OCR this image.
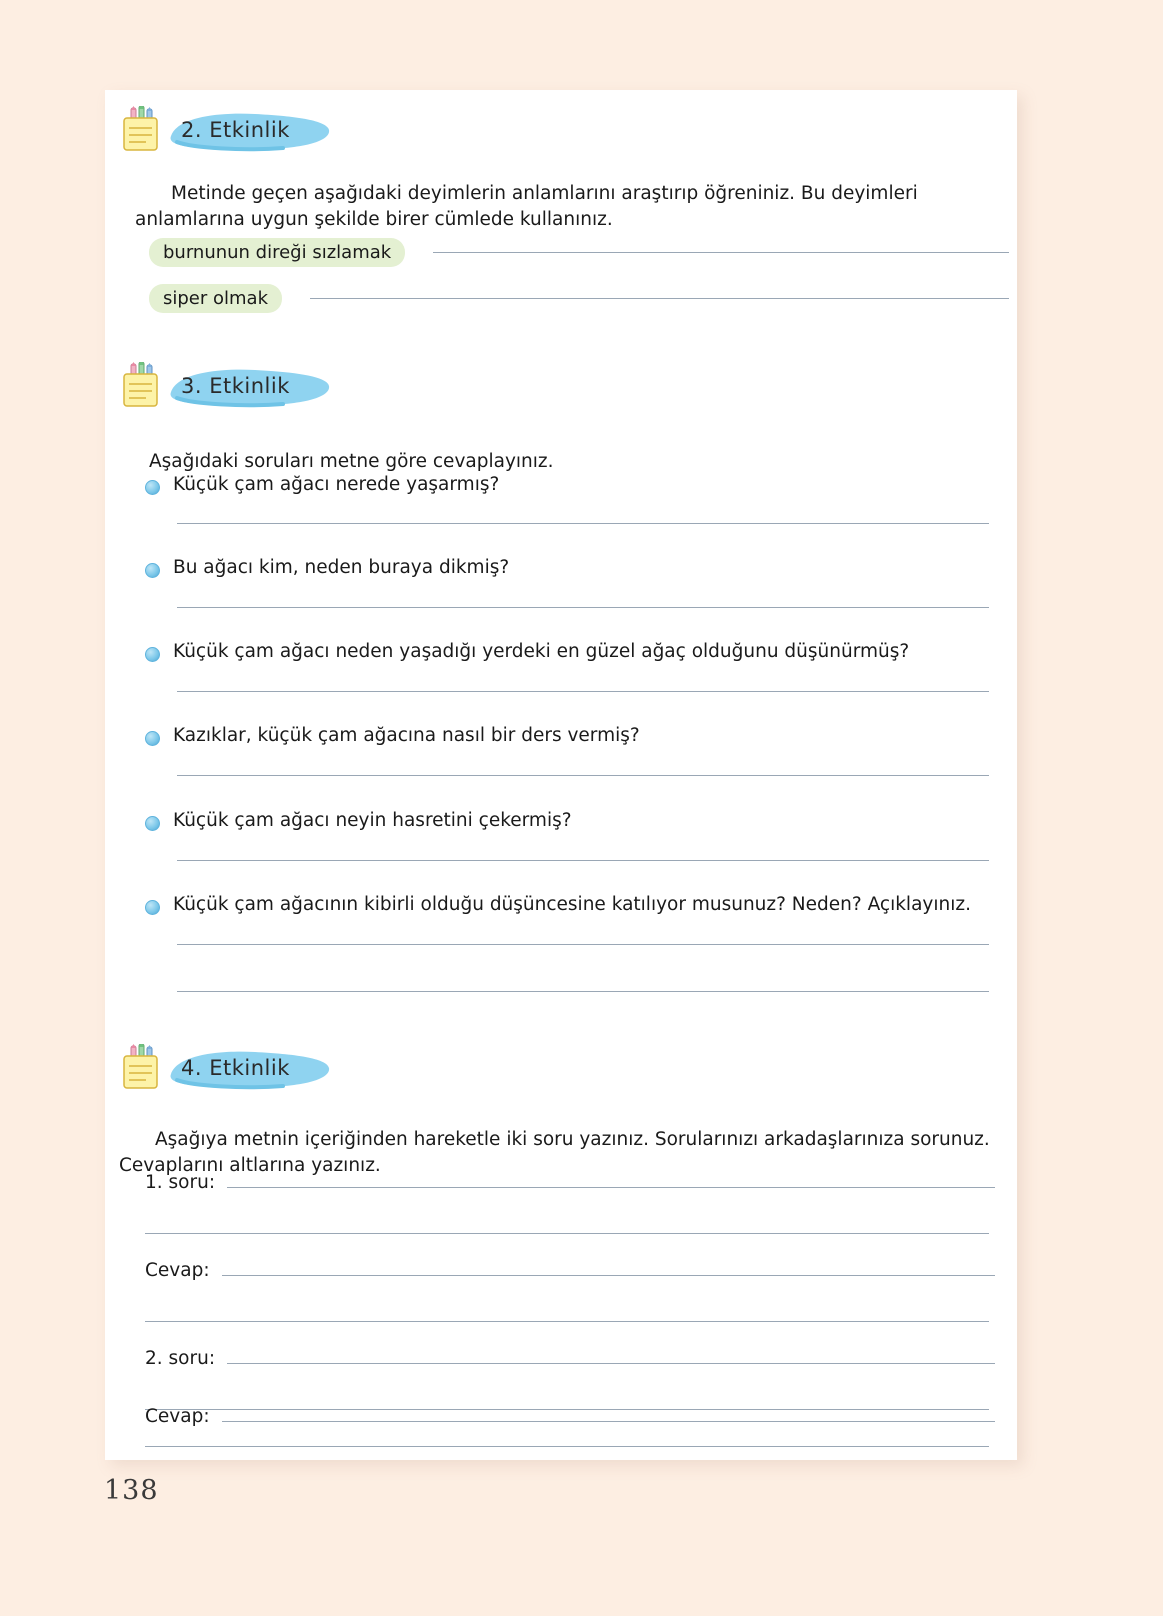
2. Etkinlik

Metinde geçen aşağıdaki deyimlerin anlamlarını araştırıp öğreniniz. Bu deyimleri anlamlarına uygun şekilde birer cümlede kullanınız.

burnunun direği sızlamak
siper olmak
3. Etkinlik

Aşağıdaki soruları metne göre cevaplayınız.

Küçük çam ağacı nerede yaşarmış?
Bu ağacı kim, neden buraya dikmiş?
Küçük çam ağacı neden yaşadığı yerdeki en güzel ağaç olduğunu düşünürmüş?
Kazıklar, küçük çam ağacına nasıl bir ders vermiş?
Küçük çam ağacı neyin hasretini çekermiş?
Küçük çam ağacının kibirli olduğu düşüncesine katılıyor musunuz? Neden? Açıklayınız.
4. Etkinlik

Aşağıya metnin içeriğinden hareketle iki soru yazınız. Sorularınızı arkadaşlarınıza sorunuz. Cevaplarını altlarına yazınız.

1. soru:
Cevap:
2. soru:
Cevap:
138
